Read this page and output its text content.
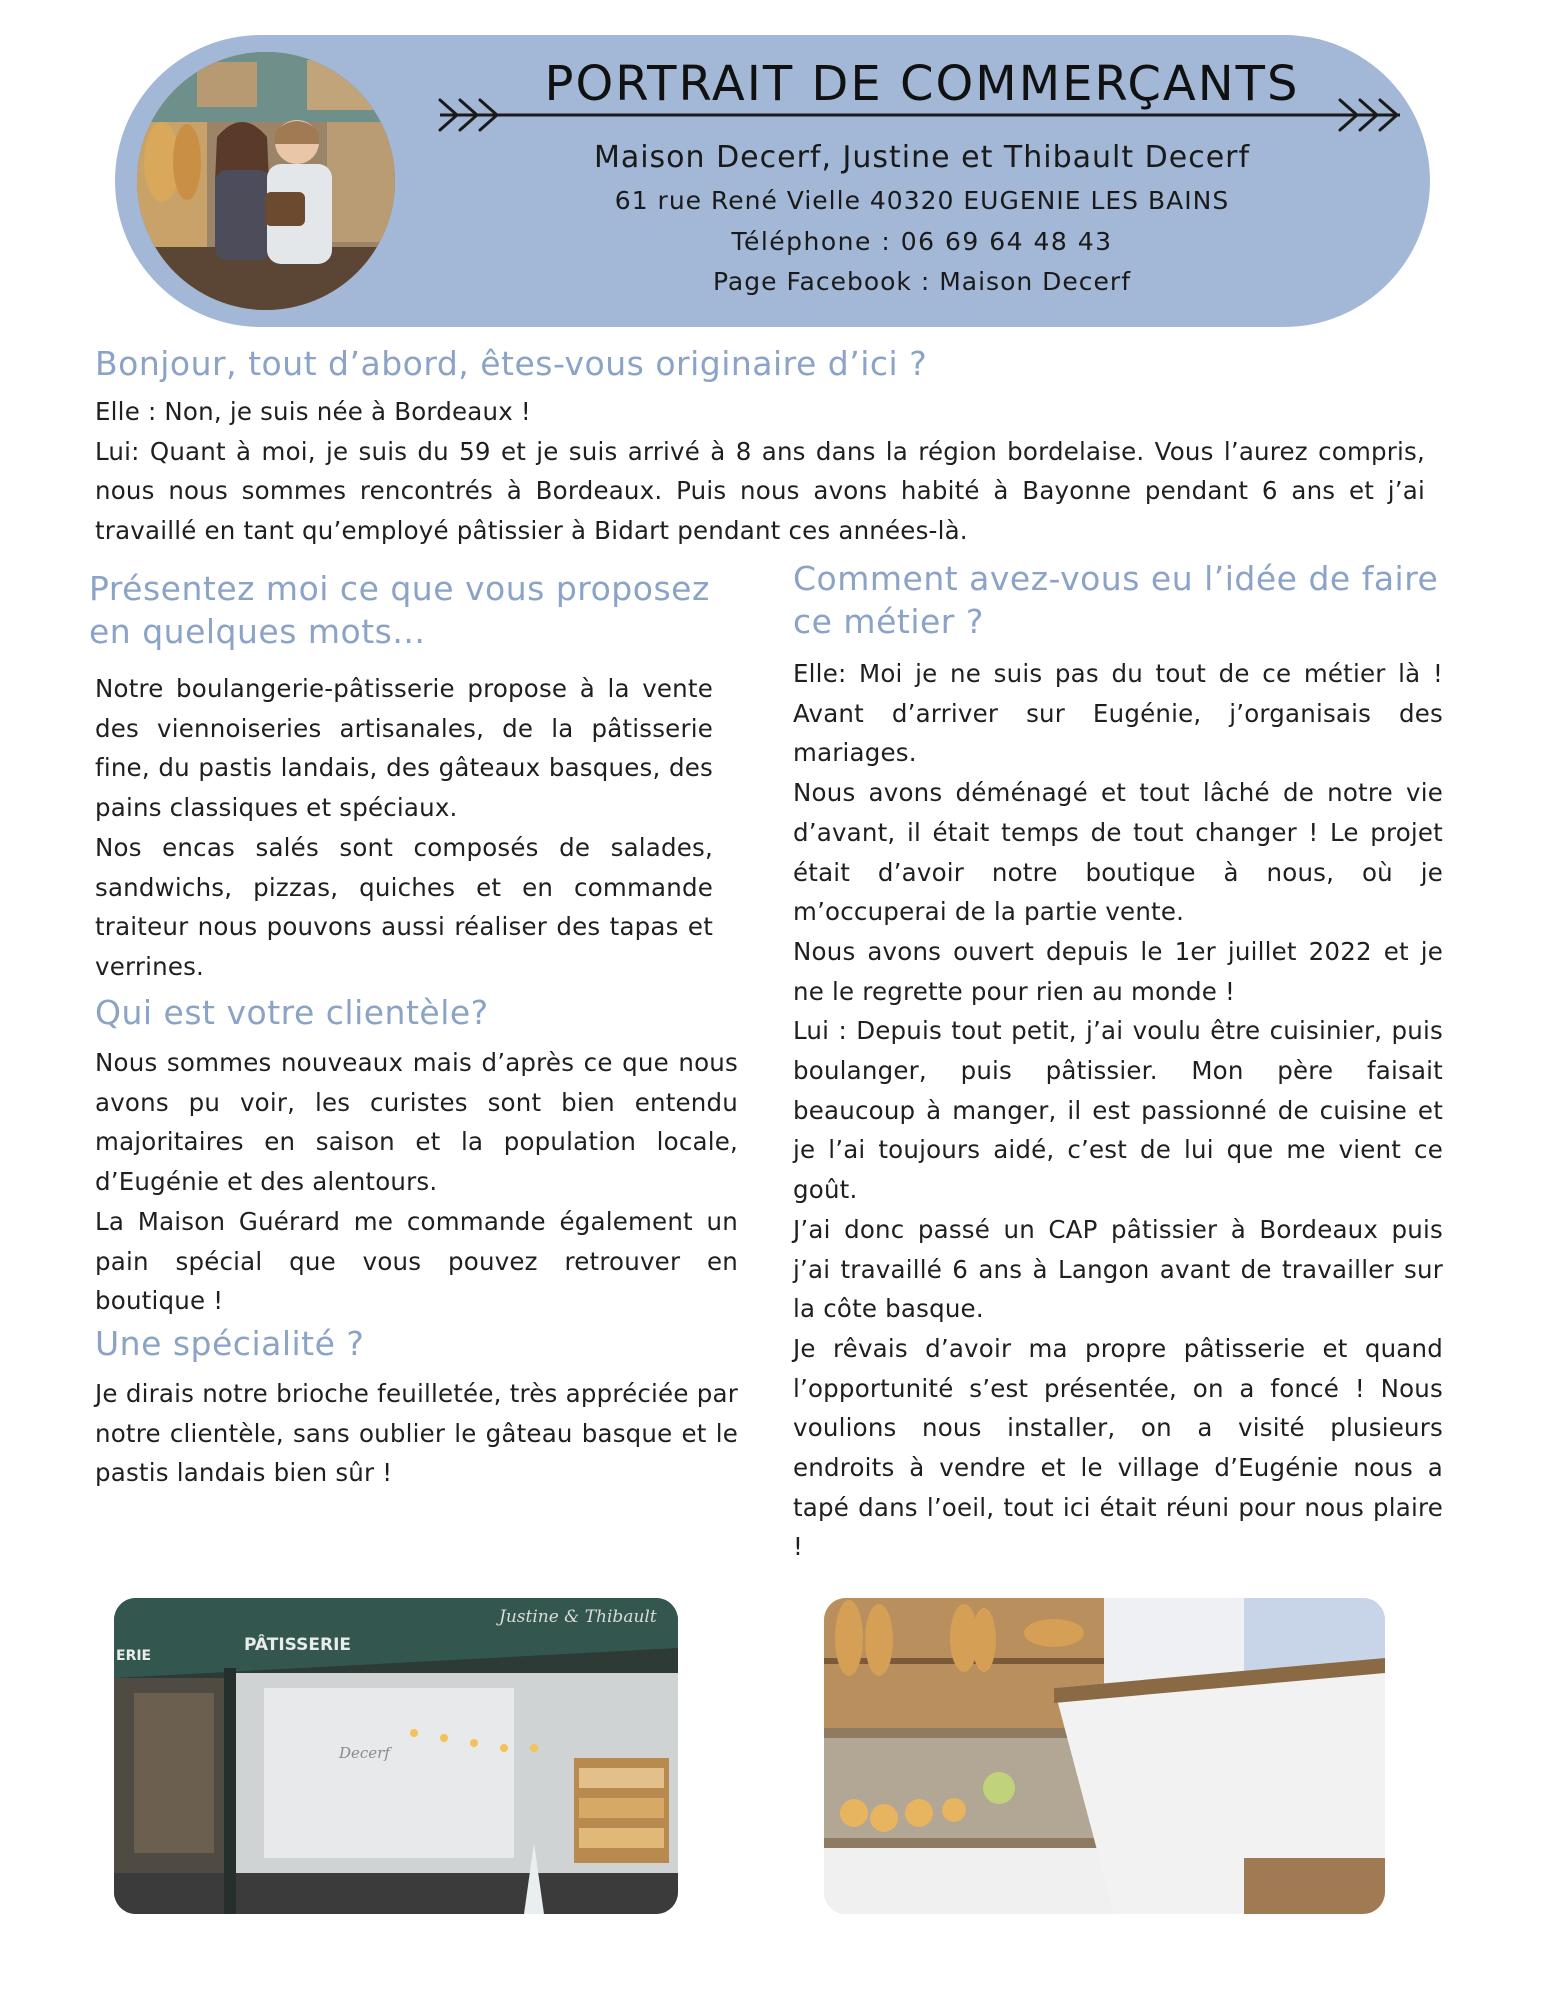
PORTRAIT DE COMMERÇANTS

Maison Decerf, Justine et Thibault Decerf

61 rue René Vielle 40320 EUGENIE LES BAINS

Téléphone : 06 69 64 48 43

Page Facebook : Maison Decerf

Bonjour, tout d’abord, êtes-vous originaire d’ici ?

Elle : Non, je suis née à Bordeaux !

Lui: Quant à moi, je suis du 59 et je suis arrivé à 8 ans dans la région bordelaise. Vous l’aurez compris, nous nous sommes rencontrés à Bordeaux. Puis nous avons habité à Bayonne pendant 6 ans et j’ai travaillé en tant qu’employé pâtissier à Bidart pendant ces années-là.

Présentez moi ce que vous proposez en quelques mots...

Notre boulangerie-pâtisserie propose à la vente des viennoiseries artisanales, de la pâtisserie fine, du pastis landais, des gâteaux basques, des pains classiques et spéciaux.

Nos encas salés sont composés de salades, sandwichs, pizzas, quiches et en commande traiteur nous pouvons aussi réaliser des tapas et verrines.

Qui est votre clientèle?

Nous sommes nouveaux mais d’après ce que nous avons pu voir, les curistes sont bien entendu majoritaires en saison et la population locale, d’Eugénie et des alentours.

La Maison Guérard me commande également un pain spécial que vous pouvez retrouver en boutique !

Une spécialité ?

Je dirais notre brioche feuilletée, très appréciée par notre clientèle, sans oublier le gâteau basque et le pastis landais bien sûr !

Comment avez-vous eu l’idée de faire ce métier ?

Elle: Moi je ne suis pas du tout de ce métier là ! Avant d’arriver sur Eugénie, j’organisais des mariages.

Nous avons déménagé et tout lâché de notre vie d’avant, il était temps de tout changer ! Le projet était d’avoir notre boutique à nous, où je m’occuperai de la partie vente.

Nous avons ouvert depuis le 1er juillet 2022 et je ne le regrette pour rien au monde !

Lui : Depuis tout petit, j’ai voulu être cuisinier, puis boulanger, puis pâtissier. Mon père faisait beaucoup à manger, il est passionné de cuisine et je l’ai toujours aidé, c’est de lui que me vient ce goût.

J’ai donc passé un CAP pâtissier à Bordeaux puis j’ai travaillé 6 ans à Langon avant de travailler sur la côte basque.

Je rêvais d’avoir ma propre pâtisserie et quand l’opportunité s’est présentée, on a foncé ! Nous voulions nous installer, on a visité plusieurs endroits à vendre et le village d’Eugénie nous a tapé dans l’oeil, tout ici était réuni pour nous plaire !

PÂTISSERIE
ERIE
Justine & Thibault
Decerf
